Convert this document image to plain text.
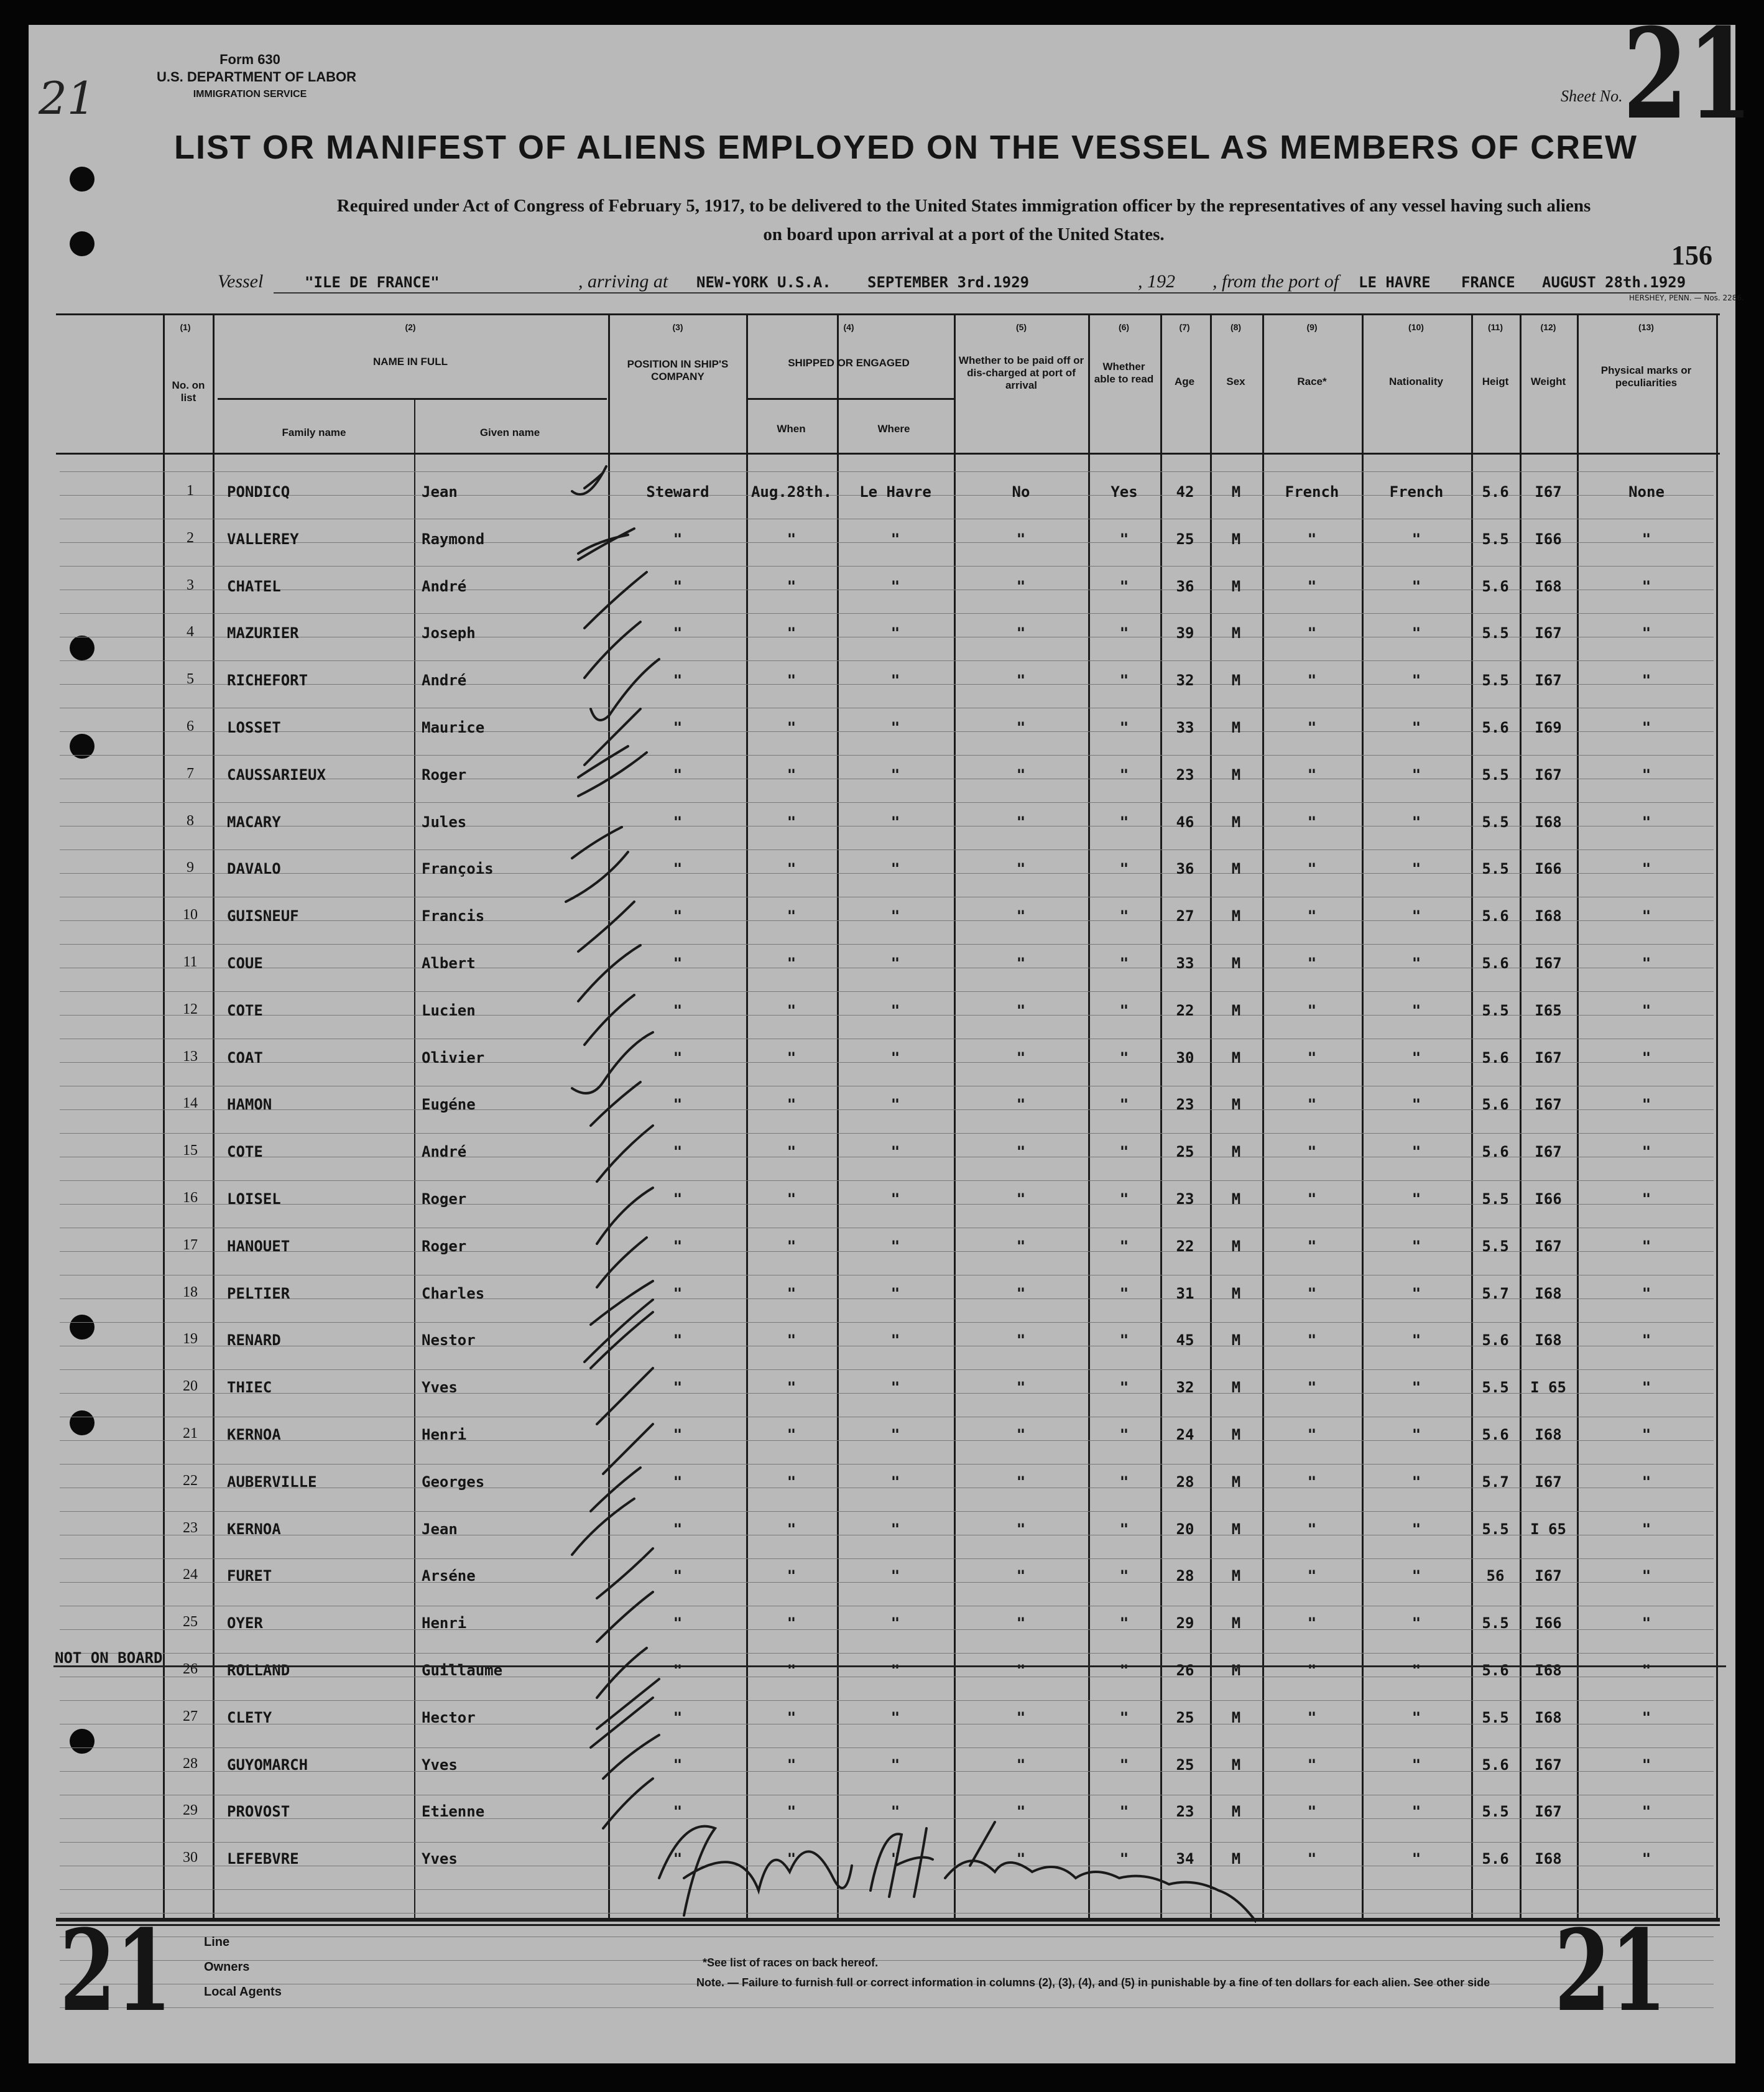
21
Form 630
U.S. DEPARTMENT OF LABOR
IMMIGRATION SERVICE	Sheet No. 21
LIST OR MANIFEST OF ALIENS EMPLOYED ON THE VESSEL AS MEMBERS OF CREW
Required under Act of Congress of February 5, 1917, to be delivered to the United States immigration officer by the representatives of any vessel having such aliens
on board upon arrival at a port of the United States.
156
Vessel	"ILE DE FRANCE"	, arriving at NEW-YORK U.S.A. SEPTEMBER 3rd.1929	, 192 , from the port of LE HAVRE FRANCE AUGUST 28th.1929
HERSHEY, PENN. — Nos. 2286.
(1)	(2)	(3)	(4)	(5)	(6)	(7)	(8)	(9)	(10)	(11)	(12)	(13)
No. on list
NAME IN FULL
Family name	Given name
POSITION IN SHIP'S COMPANY
SHIPPED OR ENGAGED
When	Where
Whether to be paid off or dis-charged at port of arrival
Whether able to read	Age	Sex	Race*	Nationality	Heigt	Weight
Physical marks or peculiarities
1	PONDICQ	Jean	Steward	Aug.28th.	Le Havre	No	Yes	42	M	French	French	5.6	I67	None
2	VALLEREY	Raymond	"	"	"	"	"	25	M	"	"	5.5	I66	"
3	CHATEL	André	"	"	"	"	"	36	M	"	"	5.6	I68	"
4	MAZURIER	Joseph	"	"	"	"	"	39	M	"	"	5.5	I67	"
5	RICHEFORT	André	"	"	"	"	"	32	M	"	"	5.5	I67	"
6	LOSSET	Maurice	"	"	"	"	"	33	M	"	"	5.6	I69	"
7	CAUSSARIEUX	Roger	"	"	"	"	"	23	M	"	"	5.5	I67	"
8	MACARY	Jules	"	"	"	"	"	46	M	"	"	5.5	I68	"
9	DAVALO	François	"	"	"	"	"	36	M	"	"	5.5	I66	"
10	GUISNEUF	Francis	"	"	"	"	"	27	M	"	"	5.6	I68	"
11	COUE	Albert	"	"	"	"	"	33	M	"	"	5.6	I67	"
12	COTE	Lucien	"	"	"	"	"	22	M	"	"	5.5	I65	"
13	COAT	Olivier	"	"	"	"	"	30	M	"	"	5.6	I67	"
14	HAMON	Eugéne	"	"	"	"	"	23	M	"	"	5.6	I67	"
15	COTE	André	"	"	"	"	"	25	M	"	"	5.6	I67	"
16	LOISEL	Roger	"	"	"	"	"	23	M	"	"	5.5	I66	"
17	HANOUET	Roger	"	"	"	"	"	22	M	"	"	5.5	I67	"
18	PELTIER	Charles	"	"	"	"	"	31	M	"	"	5.7	I68	"
19	RENARD	Nestor	"	"	"	"	"	45	M	"	"	5.6	I68	"
20	THIEC	Yves	"	"	"	"	"	32	M	"	"	5.5	I 65	"
21	KERNOA	Henri	"	"	"	"	"	24	M	"	"	5.6	I68	"
22	AUBERVILLE	Georges	"	"	"	"	"	28	M	"	"	5.7	I67	"
23	KERNOA	Jean	"	"	"	"	"	20	M	"	"	5.5	I 65	"
24	FURET	Arséne	"	"	"	"	"	28	M	"	"	56	I67	"
25	OYER	Henri	"	"	"	"	"	29	M	"	"	5.5	I66	"
26	ROLLAND	Guillaume	"	"	"	"	"	26	M	"	"	5.6	I68	"
27	CLETY	Hector	"	"	"	"	"	25	M	"	"	5.5	I68	"
28	GUYOMARCH	Yves	"	"	"	"	"	25	M	"	"	5.6	I67	"
29	PROVOST	Etienne	"	"	"	"	"	23	M	"	"	5.5	I67	"
30	LEFEBVRE	Yves	"	"	"	"	"	34	M	"	"	5.6	I68	"
NOT ON BOARD
21	21
Line
Owners
Local Agents
*See list of races on back hereof.
Note. — Failure to furnish full or correct information in columns (2), (3), (4), and (5) in punishable by a fine of ten dollars for each alien. See other side
